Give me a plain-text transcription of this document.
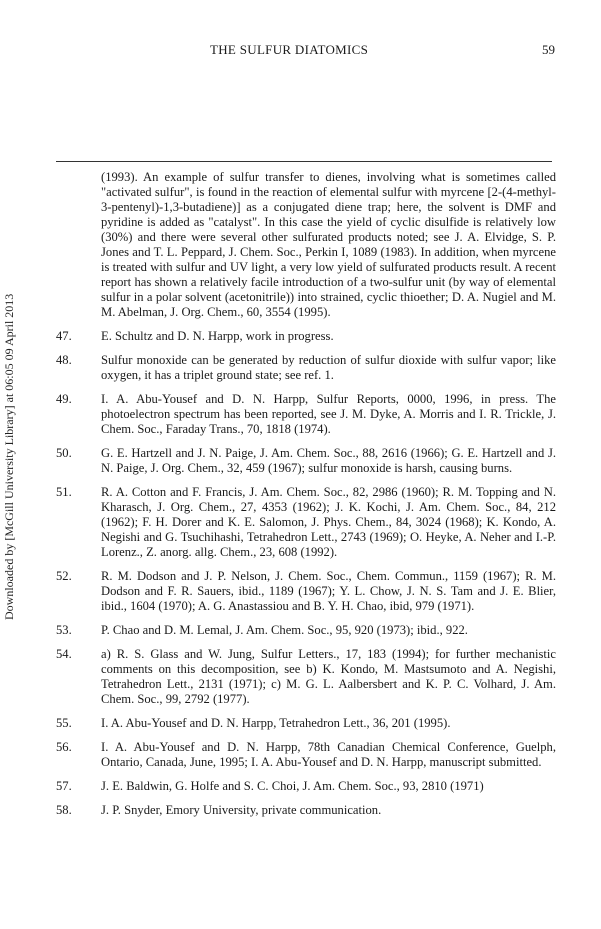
THE SULFUR DIATOMICS	59
Downloaded by [McGill University Library] at 06:05 09 April 2013
(1993). An example of sulfur transfer to dienes, involving what is sometimes called "activated sulfur", is found in the reaction of elemental sulfur with myrcene [2-(4-methyl-3-pentenyl)-1,3-butadiene)] as a conjugated diene trap; here, the solvent is DMF and pyridine is added as "catalyst". In this case the yield of cyclic disulfide is relatively low (30%) and there were several other sulfurated products noted; see J. A. Elvidge, S. P. Jones and T. L. Peppard, J. Chem. Soc., Perkin I, 1089 (1983). In addition, when myrcene is treated with sulfur and UV light, a very low yield of sulfurated products result. A recent report has shown a relatively facile introduction of a two-sulfur unit (by way of elemental sulfur in a polar solvent (acetonitrile)) into strained, cyclic thioether; D. A. Nugiel and M. M. Abelman, J. Org. Chem., 60, 3554 (1995).
47. E. Schultz and D. N. Harpp, work in progress.
48. Sulfur monoxide can be generated by reduction of sulfur dioxide with sulfur vapor; like oxygen, it has a triplet ground state; see ref. 1.
49. I. A. Abu-Yousef and D. N. Harpp, Sulfur Reports, 0000, 1996, in press. The photoelectron spectrum has been reported, see J. M. Dyke, A. Morris and I. R. Trickle, J. Chem. Soc., Faraday Trans., 70, 1818 (1974).
50. G. E. Hartzell and J. N. Paige, J. Am. Chem. Soc., 88, 2616 (1966); G. E. Hartzell and J. N. Paige, J. Org. Chem., 32, 459 (1967); sulfur monoxide is harsh, causing burns.
51. R. A. Cotton and F. Francis, J. Am. Chem. Soc., 82, 2986 (1960); R. M. Topping and N. Kharasch, J. Org. Chem., 27, 4353 (1962); J. K. Kochi, J. Am. Chem. Soc., 84, 212 (1962); F. H. Dorer and K. E. Salomon, J. Phys. Chem., 84, 3024 (1968); K. Kondo, A. Negishi and G. Tsuchihashi, Tetrahedron Lett., 2743 (1969); O. Heyke, A. Neher and I.-P. Lorenz., Z. anorg. allg. Chem., 23, 608 (1992).
52. R. M. Dodson and J. P. Nelson, J. Chem. Soc., Chem. Commun., 1159 (1967); R. M. Dodson and F. R. Sauers, ibid., 1189 (1967); Y. L. Chow, J. N. S. Tam and J. E. Blier, ibid., 1604 (1970); A. G. Anastassiou and B. Y. H. Chao, ibid, 979 (1971).
53. P. Chao and D. M. Lemal, J. Am. Chem. Soc., 95, 920 (1973); ibid., 922.
54. a) R. S. Glass and W. Jung, Sulfur Letters., 17, 183 (1994); for further mechanistic comments on this decomposition, see b) K. Kondo, M. Mastsumoto and A. Negishi, Tetrahedron Lett., 2131 (1971); c) M. G. L. Aalbersbert and K. P. C. Volhard, J. Am. Chem. Soc., 99, 2792 (1977).
55. I. A. Abu-Yousef and D. N. Harpp, Tetrahedron Lett., 36, 201 (1995).
56. I. A. Abu-Yousef and D. N. Harpp, 78th Canadian Chemical Conference, Guelph, Ontario, Canada, June, 1995; I. A. Abu-Yousef and D. N. Harpp, manuscript submitted.
57. J. E. Baldwin, G. Holfe and S. C. Choi, J. Am. Chem. Soc., 93, 2810 (1971)
58. J. P. Snyder, Emory University, private communication.
